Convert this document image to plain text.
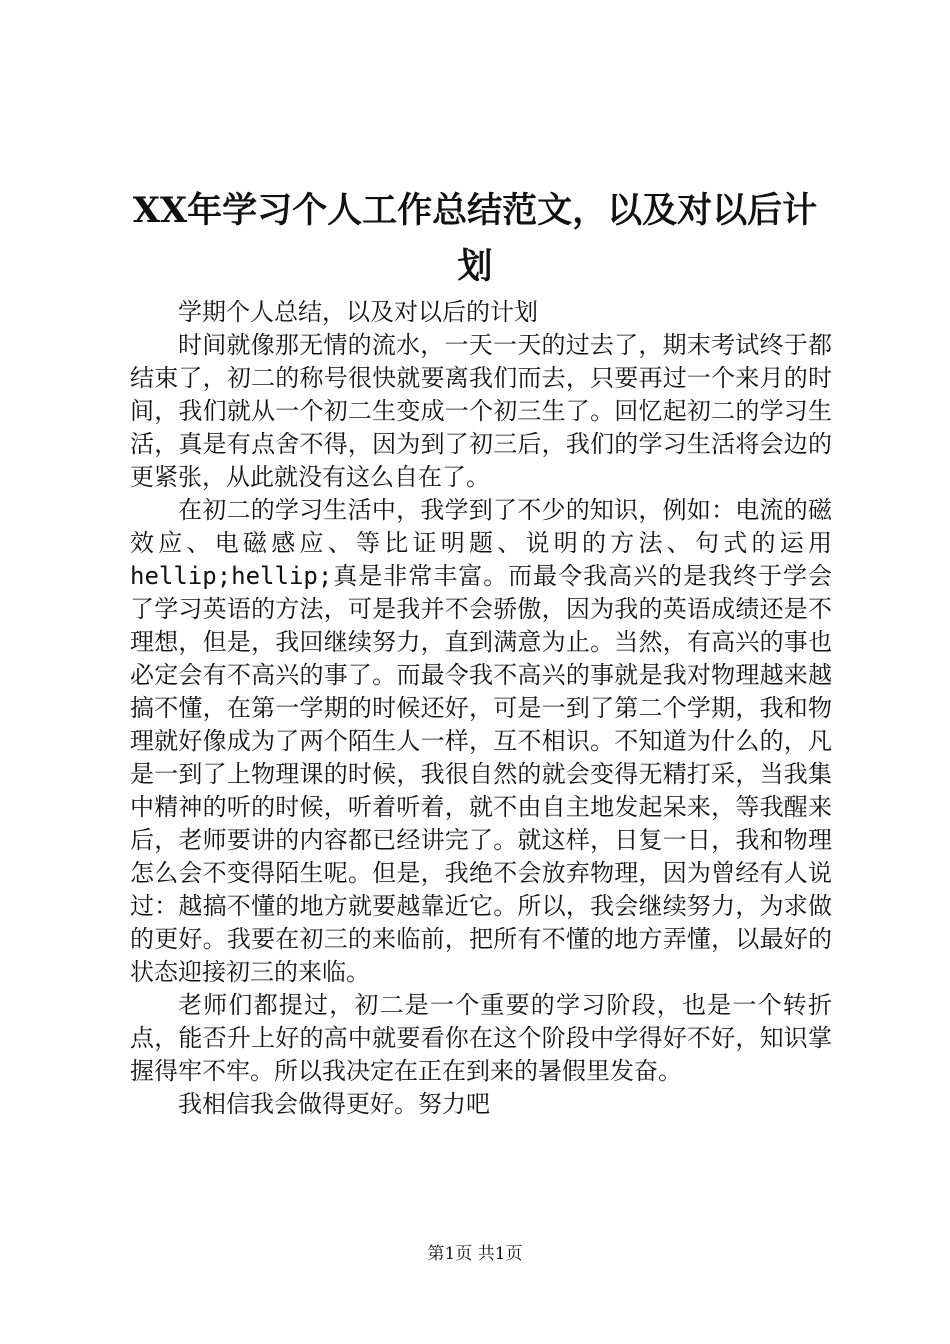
XX年学习个人工作总结范文，以及对以后计划

学期个人总结，以及对以后的计划

时间就像那无情的流水，一天一天的过去了，期末考试终于都结束了，初二的称号很快就要离我们而去，只要再过一个来月的时间，我们就从一个初二生变成一个初三生了。回忆起初二的学习生活，真是有点舍不得，因为到了初三后，我们的学习生活将会边的更紧张，从此就没有这么自在了。

在初二的学习生活中，我学到了不少的知识，例如：电流的磁效应、电磁感应、等比证明题、说明的方法、句式的运用hellip;hellip;真是非常丰富。而最令我高兴的是我终于学会了学习英语的方法，可是我并不会骄傲，因为我的英语成绩还是不理想，但是，我回继续努力，直到满意为止。当然，有高兴的事也必定会有不高兴的事了。而最令我不高兴的事就是我对物理越来越搞不懂，在第一学期的时候还好，可是一到了第二个学期，我和物理就好像成为了两个陌生人一样，互不相识。不知道为什么的，凡是一到了上物理课的时候，我很自然的就会变得无精打采，当我集中精神的听的时候，听着听着，就不由自主地发起呆来，等我醒来后，老师要讲的内容都已经讲完了。就这样，日复一日，我和物理怎么会不变得陌生呢。但是，我绝不会放弃物理，因为曾经有人说过：越搞不懂的地方就要越靠近它。所以，我会继续努力，为求做的更好。我要在初三的来临前，把所有不懂的地方弄懂，以最好的状态迎接初三的来临。

老师们都提过，初二是一个重要的学习阶段，也是一个转折点，能否升上好的高中就要看你在这个阶段中学得好不好，知识掌握得牢不牢。所以我决定在正在到来的暑假里发奋。

我相信我会做得更好。努力吧

第1页 共1页
